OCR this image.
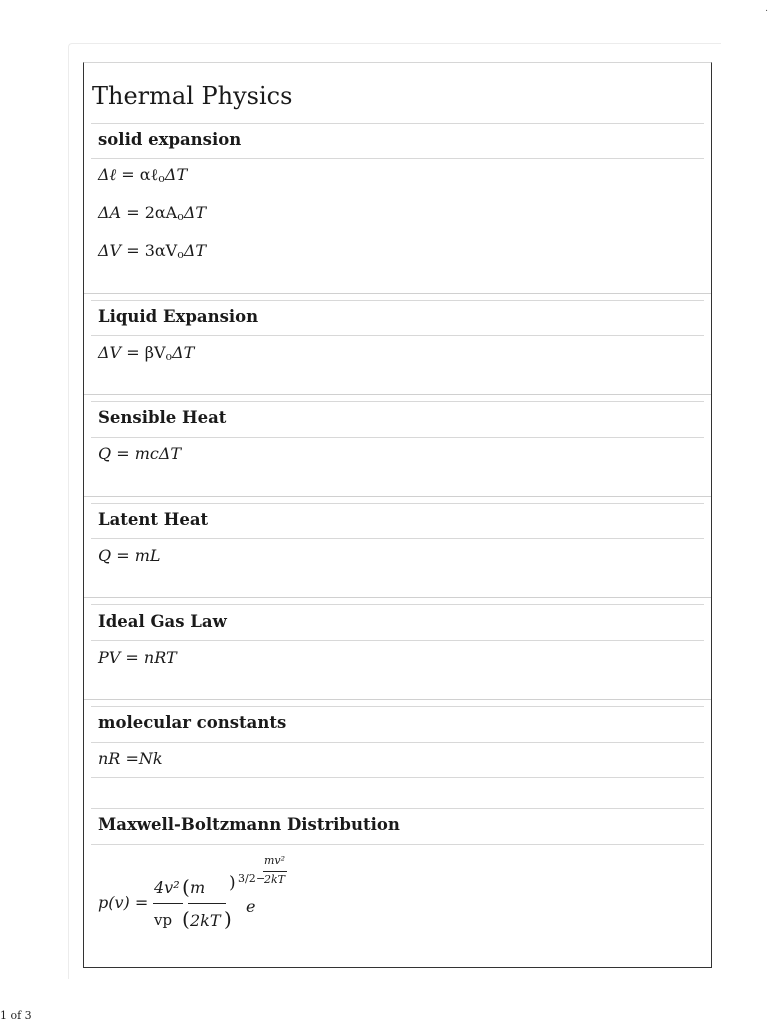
Thermal Physics
solid expansion
Δℓ = αℓ$_o$ΔT
$\Delta A = 2\alpha A_o\Delta T$
$\Delta V = 3\alpha V_o\Delta T$
Liquid Expansion
$\Delta V = \beta V_o\Delta T$
Sensible Heat
Q = mcΔT
Latent Heat
Q = mL
Ideal Gas Law
PV = nRT
molecular constants
nR =Nk
Maxwell-Boltzmann Distribution
p(v) =
4v²
vp
( m
( 2kT )
) 3/2
e
−
mv²
2kT
1 of 3
.
